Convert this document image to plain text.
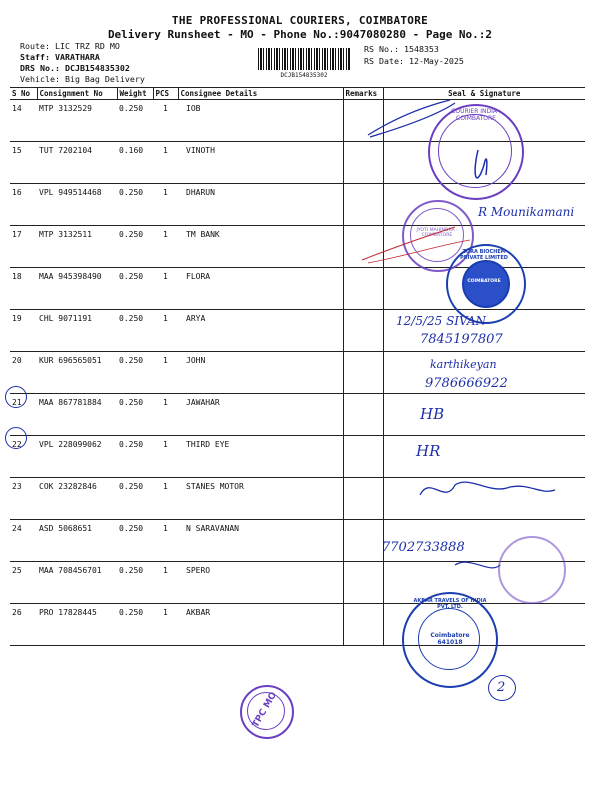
THE PROFESSIONAL COURIERS, COIMBATORE
Delivery Runsheet - MO - Phone No.:9047080280 - Page No.:2
Route: LIC TRZ RD MO
Staff: VARATHARA
DRS No.: DCJB154835302
Vehicle: Big Bag Delivery
RS No.: 1548353
RS Date: 12-May-2025
DCJB154835302
S No	Consignment No	Weight	PCS	Consignee Details	Remarks	Seal & Signature
14	MTP 3132529	0.250	1	IOB		
15	TUT 7202104	0.160	1	VINOTH		
16	VPL 949514468	0.250	1	DHARUN		
17	MTP 3132511	0.250	1	TM BANK		
18	MAA 945398490	0.250	1	FLORA		
19	CHL 9071191	0.250	1	ARYA		
20	KUR 696565051	0.250	1	JOHN		
21	MAA 867781884	0.250	1	JAWAHAR		
22	VPL 228099062	0.250	1	THIRD EYE		
23	COK 23282846	0.250	1	STANES MOTOR		
24	ASD 5068651	0.250	1	N SARAVANAN		
25	MAA 708456701	0.250	1	SPERO		
26	PRO 17828445	0.250	1	AKBAR		
COURIER INDIA · COIMBATORE
JYOTI MAHINDRA · COIMBATORE
ZORA BIOCHEM PRIVATE LIMITED
COIMBATORE
AKBAR TRAVELS OF INDIA PVT. LTD.
Coimbatore 641018
TPC MO
R Mounikamani
12/5/25 SIVAN
7845197807
karthikeyan
9786666922
HB
HR
7702733888
2
